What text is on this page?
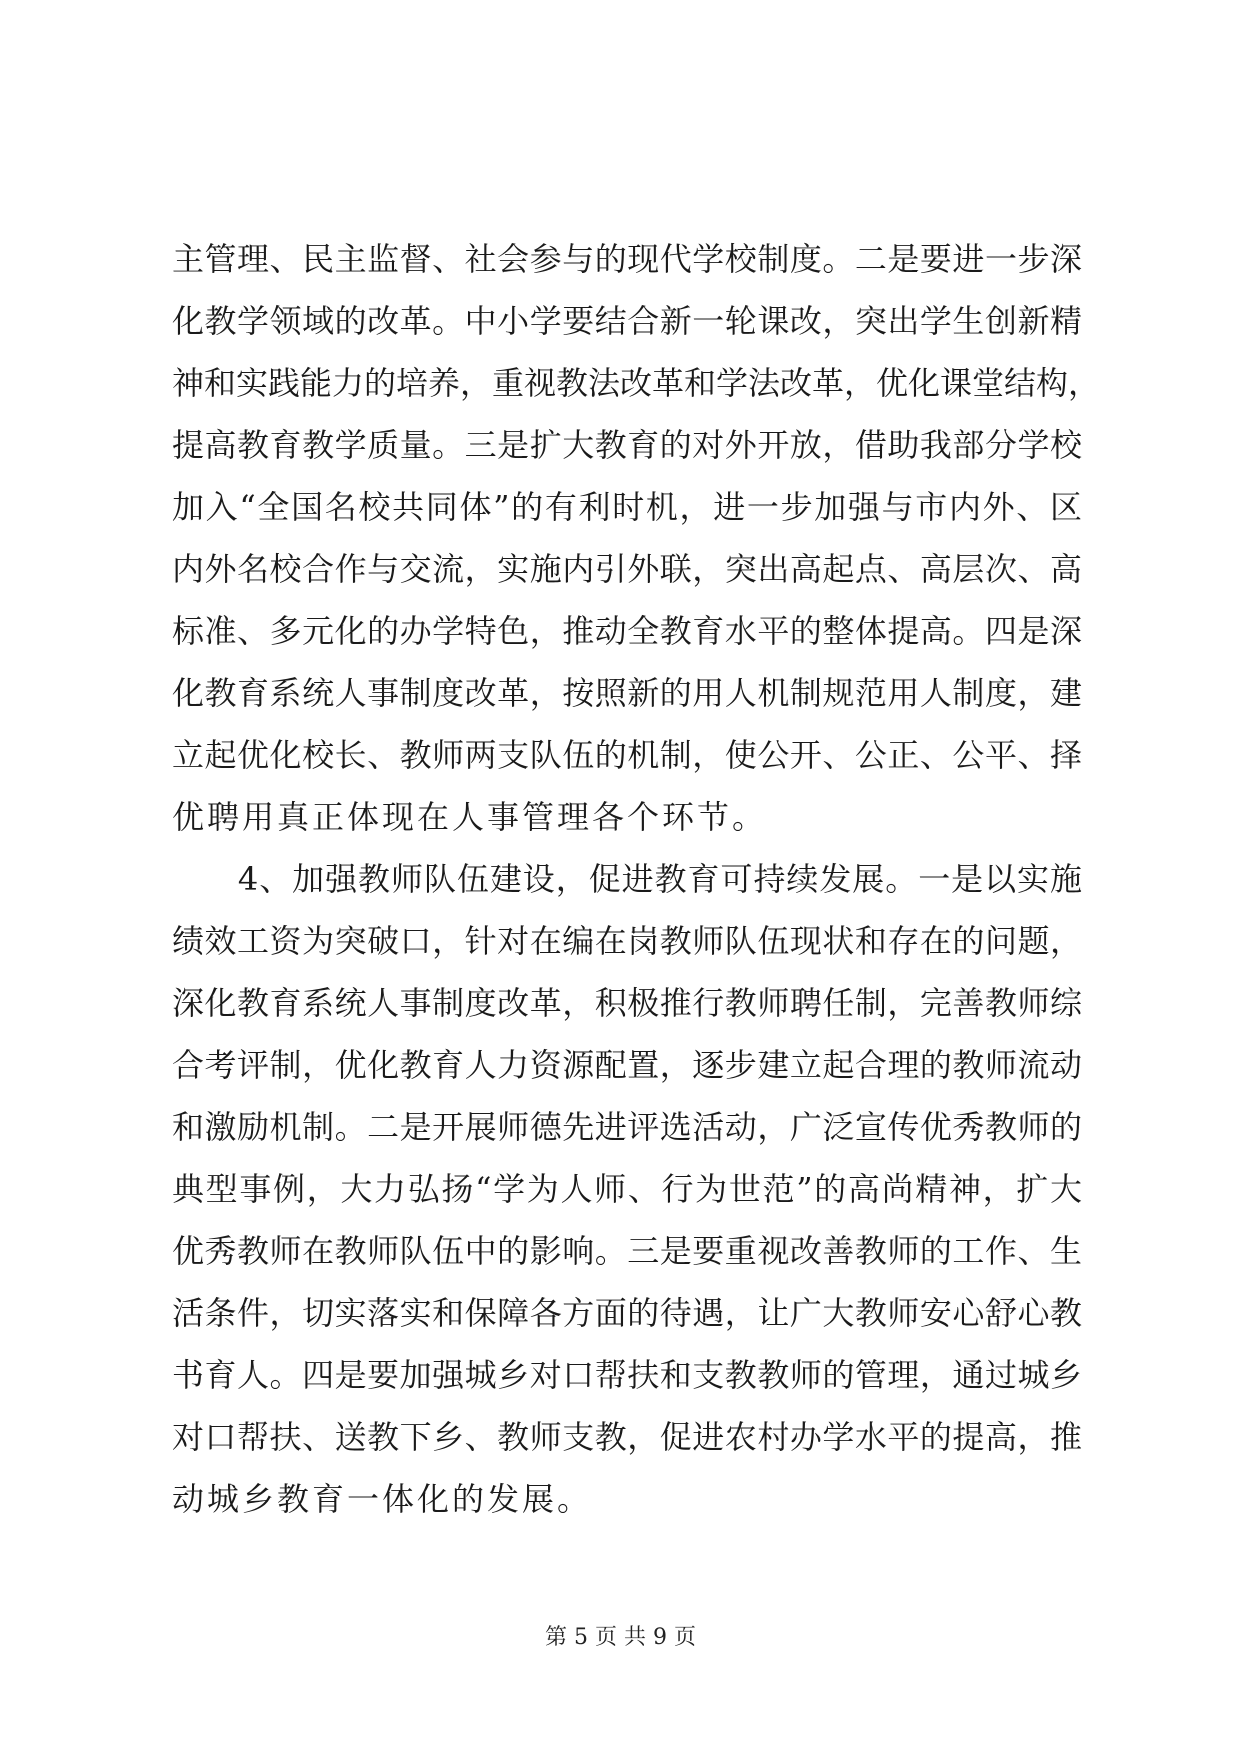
主管理、民主监督、社会参与的现代学校制度。二是要进一步深
化教学领域的改革。中小学要结合新一轮课改，突出学生创新精
神和实践能力的培养，重视教法改革和学法改革，优化课堂结构，
提高教育教学质量。三是扩大教育的对外开放，借助我部分学校
加入“全国名校共同体”的有利时机，进一步加强与市内外、区
内外名校合作与交流，实施内引外联，突出高起点、高层次、高
标准、多元化的办学特色，推动全教育水平的整体提高。四是深
化教育系统人事制度改革，按照新的用人机制规范用人制度，建
立起优化校长、教师两支队伍的机制，使公开、公正、公平、择
优聘用真正体现在人事管理各个环节。
　　4、加强教师队伍建设，促进教育可持续发展。一是以实施
绩效工资为突破口，针对在编在岗教师队伍现状和存在的问题，
深化教育系统人事制度改革，积极推行教师聘任制，完善教师综
合考评制，优化教育人力资源配置，逐步建立起合理的教师流动
和激励机制。二是开展师德先进评选活动，广泛宣传优秀教师的
典型事例，大力弘扬“学为人师、行为世范”的高尚精神，扩大
优秀教师在教师队伍中的影响。三是要重视改善教师的工作、生
活条件，切实落实和保障各方面的待遇，让广大教师安心舒心教
书育人。四是要加强城乡对口帮扶和支教教师的管理，通过城乡
对口帮扶、送教下乡、教师支教，促进农村办学水平的提高，推
动城乡教育一体化的发展。
第 5 页 共 9 页
